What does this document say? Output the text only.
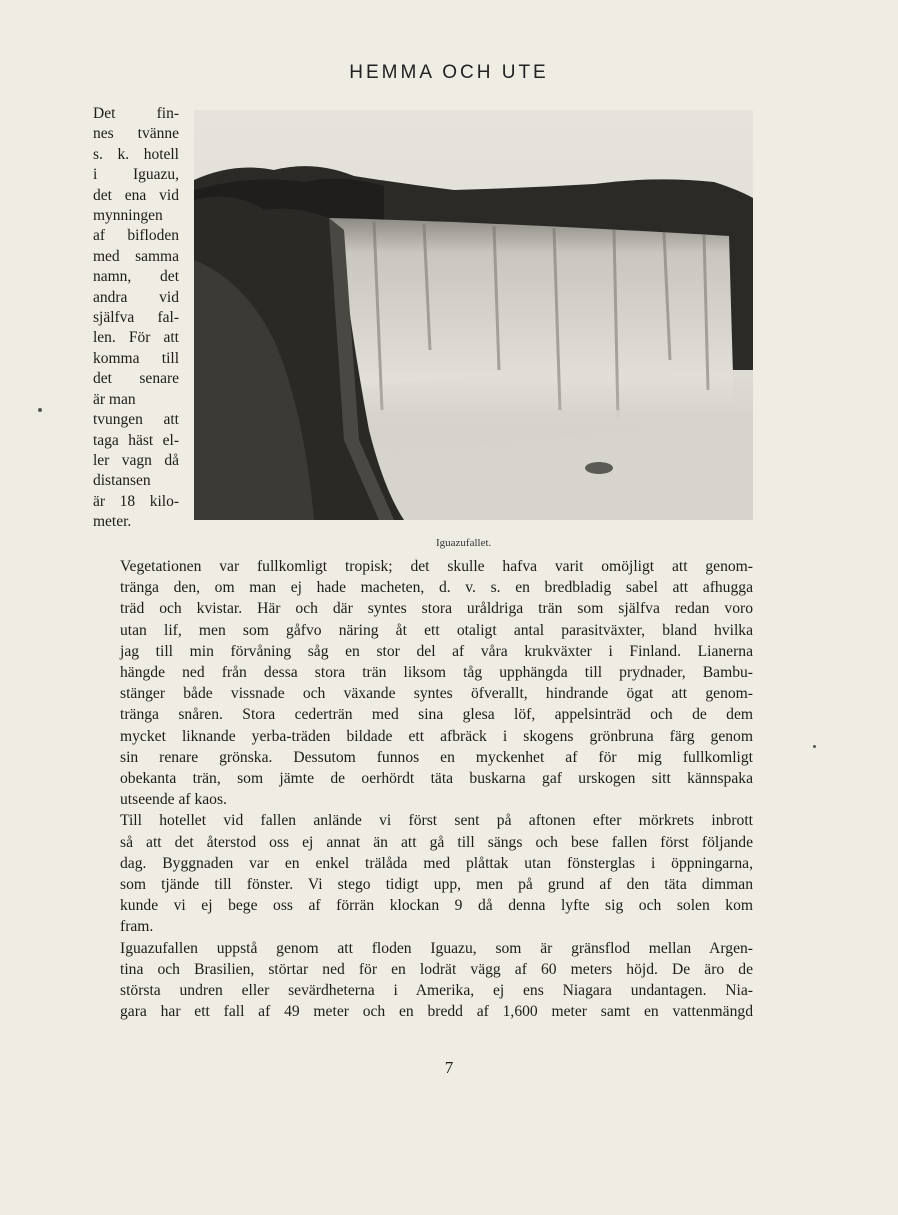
HEMMA OCH UTE
Det fin-
nes tvänne
s. k. hotell
i Iguazu,
det ena vid
mynningen
af bifloden
med samma
namn, det
andra vid
själfva fal-
len. För att
komma till
det senare
är man
tvungen att
taga häst el-
ler vagn då
distansen
är 18 kilo-
meter.
Iguazufallet.

Vegetationen var fullkomligt tropisk; det skulle hafva varit omöjligt att genom-
tränga den, om man ej hade macheten, d. v. s. en bredbladig sabel att afhugga
träd och kvistar. Här och där syntes stora uråldriga trän som själfva redan voro
utan lif, men som gåfvo näring åt ett otaligt antal parasitväxter, bland hvilka
jag till min förvåning såg en stor del af våra krukväxter i Finland. Lianerna
hängde ned från dessa stora trän liksom tåg upphängda till prydnader, Bambu-
stänger både vissnade och växande syntes öfverallt, hindrande ögat att genom-
tränga snåren. Stora cederträn med sina glesa löf, appelsinträd och de dem
mycket liknande yerba-träden bildade ett afbräck i skogens grönbruna färg genom
sin renare grönska. Dessutom funnos en myckenhet af för mig fullkomligt
obekanta trän, som jämte de oerhördt täta buskarna gaf urskogen sitt kännspaka
utseende af kaos.

Till hotellet vid fallen anlände vi först sent på aftonen efter mörkrets inbrott
så att det återstod oss ej annat än att gå till sängs och bese fallen först följande
dag. Byggnaden var en enkel trälåda med plåttak utan fönsterglas i öppningarna,
som tjände till fönster. Vi stego tidigt upp, men på grund af den täta dimman
kunde vi ej bege oss af förrän klockan 9 då denna lyfte sig och solen kom
fram.

Iguazufallen uppstå genom att floden Iguazu, som är gränsflod mellan Argen-
tina och Brasilien, störtar ned för en lodrät vägg af 60 meters höjd. De äro de
största undren eller sevärdheterna i Amerika, ej ens Niagara undantagen. Nia-
gara har ett fall af 49 meter och en bredd af 1,600 meter samt en vattenmängd

7
